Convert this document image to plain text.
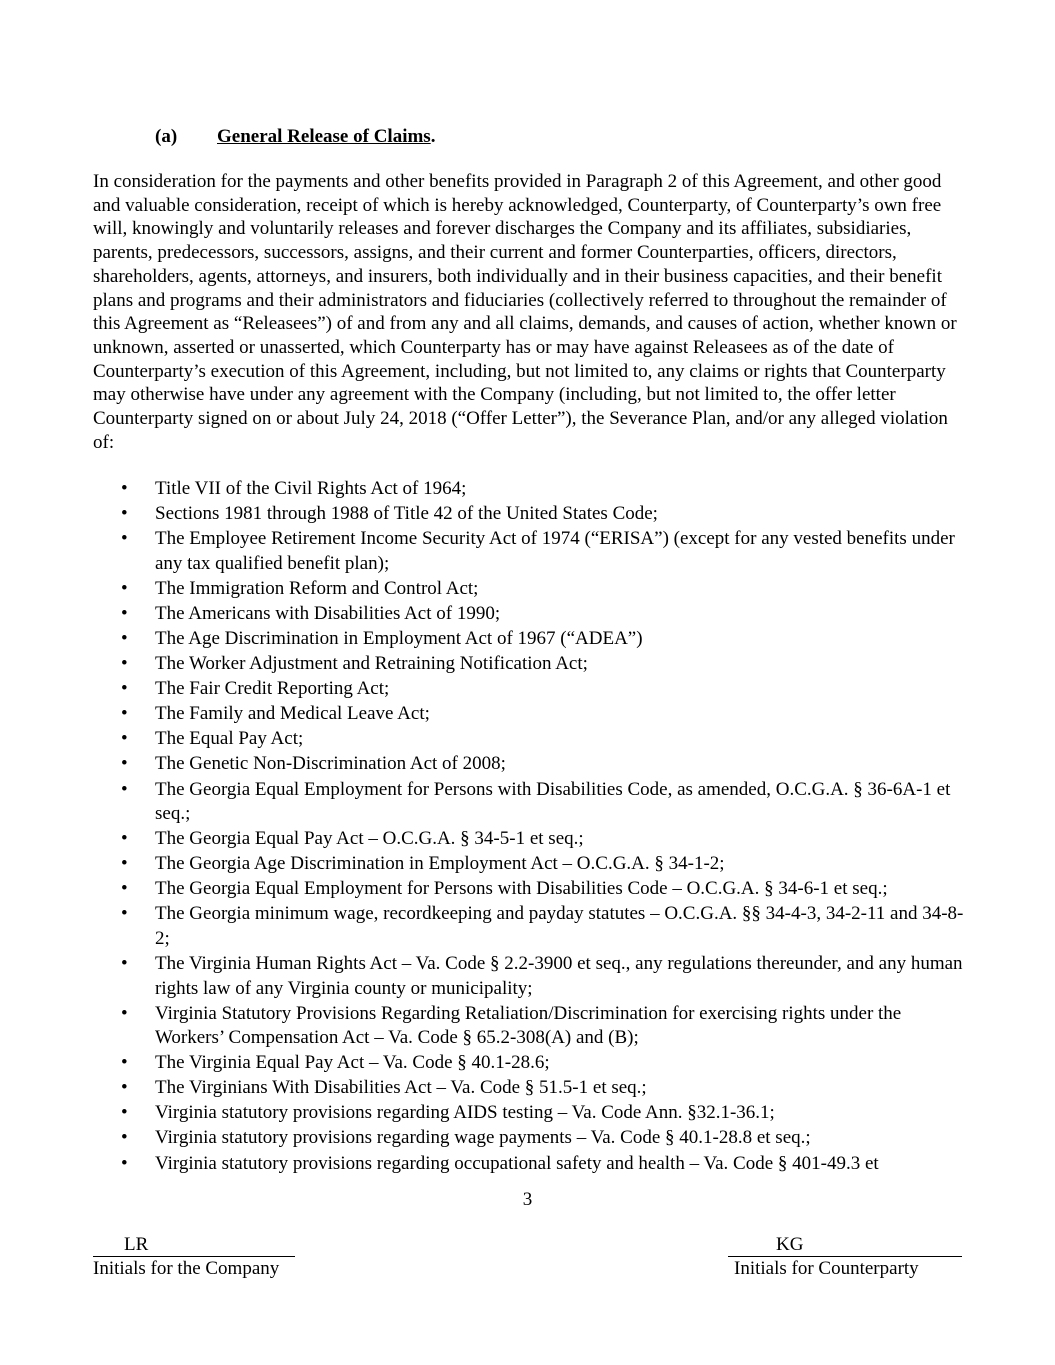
(a) General Release of Claims.

In consideration for the payments and other benefits provided in Paragraph 2 of this Agreement, and other good and valuable consideration, receipt of which is hereby acknowledged, Counterparty, of Counterparty’s own free will, knowingly and voluntarily releases and forever discharges the Company and its affiliates, subsidiaries, parents, predecessors, successors, assigns, and their current and former Counterparties, officers, directors, shareholders, agents, attorneys, and insurers, both individually and in their business capacities, and their benefit plans and programs and their administrators and fiduciaries (collectively referred to throughout the remainder of this Agreement as “Releasees”) of and from any and all claims, demands, and causes of action, whether known or unknown, asserted or unasserted, which Counterparty has or may have against Releasees as of the date of Counterparty’s execution of this Agreement, including, but not limited to, any claims or rights that Counterparty may otherwise have under any agreement with the Company (including, but not limited to, the offer letter Counterparty signed on or about July 24, 2018 (“Offer Letter”), the Severance Plan, and/or any alleged violation of:

• Title VII of the Civil Rights Act of 1964;
• Sections 1981 through 1988 of Title 42 of the United States Code;
• The Employee Retirement Income Security Act of 1974 (“ERISA”) (except for any vested benefits under any tax qualified benefit plan);
• The Immigration Reform and Control Act;
• The Americans with Disabilities Act of 1990;
• The Age Discrimination in Employment Act of 1967 (“ADEA”)
• The Worker Adjustment and Retraining Notification Act;
• The Fair Credit Reporting Act;
• The Family and Medical Leave Act;
• The Equal Pay Act;
• The Genetic Non-Discrimination Act of 2008;
• The Georgia Equal Employment for Persons with Disabilities Code, as amended, O.C.G.A. § 36-6A-1 et seq.;
• The Georgia Equal Pay Act – O.C.G.A. § 34-5-1 et seq.;
• The Georgia Age Discrimination in Employment Act – O.C.G.A. § 34-1-2;
• The Georgia Equal Employment for Persons with Disabilities Code – O.C.G.A. § 34-6-1 et seq.;
• The Georgia minimum wage, recordkeeping and payday statutes – O.C.G.A. §§ 34-4-3, 34-2-11 and 34-8-2;
• The Virginia Human Rights Act – Va. Code § 2.2-3900 et seq., any regulations thereunder, and any human rights law of any Virginia county or municipality;
• Virginia Statutory Provisions Regarding Retaliation/Discrimination for exercising rights under the Workers’ Compensation Act – Va. Code § 65.2-308(A) and (B);
• The Virginia Equal Pay Act – Va. Code § 40.1-28.6;
• The Virginians With Disabilities Act – Va. Code § 51.5-1 et seq.;
• Virginia statutory provisions regarding AIDS testing – Va. Code Ann. §32.1-36.1;
• Virginia statutory provisions regarding wage payments – Va. Code § 40.1-28.8 et seq.;
• Virginia statutory provisions regarding occupational safety and health – Va. Code § 401-49.3 et
3
LR
Initials for the Company
KG
Initials for Counterparty
